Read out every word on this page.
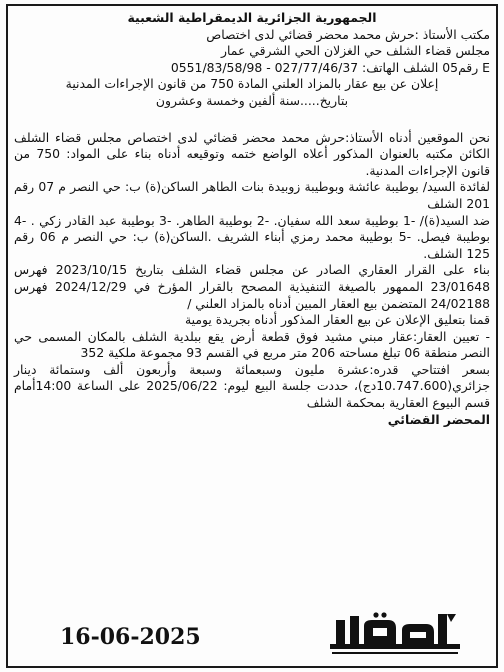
الجمهورية الجزائرية الديمقراطية الشعبية

مكتب الأستاذ :حرش محمد محضر قضائي لدى اختصاص

مجلس قضاء الشلف حي الغزلان الحي الشرقي عمار

E رقم05 الشلف الهاتف: 027/77/46/37 - 0551/83/58/98

إعلان عن بيع عقار بالمزاد العلني المادة 750 من قانون الإجراءات المدنية

بتاريخ.....سنة ألفين وخمسة وعشرون

نحن الموقعين أدناه الأستاذ:حرش محمد محضر قضائي لدى اختصاص مجلس قضاء الشلف الكائن مكتبه بالعنوان المذكور أعلاه الواضع ختمه وتوقيعه أدناه بناء على المواد: 750 من قانون الإجراءات المدنية.

لفائدة السيد/ بوطيبة عائشة وبوطيبة زوبيدة بنات الطاهر الساكن(ة) ب: حي النصر م 07 رقم 201 الشلف

ضد السيد(ة)/ -1 بوطيبة سعد الله سفيان. -2 بوطيبة الطاهر. -3 بوطيبة عبد القادر زكي . -4 بوطيبة فيصل. -5 بوطيبة محمد رمزي أبناء الشريف .الساكن(ة) ب: حي النصر م 06 رقم 125 الشلف.

بناء على القرار العقاري الصادر عن مجلس قضاء الشلف بتاريخ 2023/10/15 فهرس 23/01648 الممهور بالصيغة التنفيذية المصحح بالقرار المؤرخ في 2024/12/29 فهرس 24/02188 المتضمن بيع العقار المبين أدناه بالمزاد العلني /

قمنا بتعليق الإعلان عن بيع العقار المذكور أدناه بجريدة يومية

- تعيين العقار:عقار مبني مشيد فوق قطعة أرض يقع ببلدية الشلف بالمكان المسمى حي النصر منطقة 06 تبلغ مساحته 206 متر مربع في القسم 93 مجموعة ملكية 352

بسعر افتتاحي قدره:عشرة مليون وسبعمائة وسبعة وأربعون ألف وستمائة دينار جزائري(10.747.600دج)، حددت جلسة البيع ليوم: 2025/06/22 على الساعة 14:00أمام قسم البيوع العقارية بمحكمة الشلف

المحضر القضائي

16-06-2025
